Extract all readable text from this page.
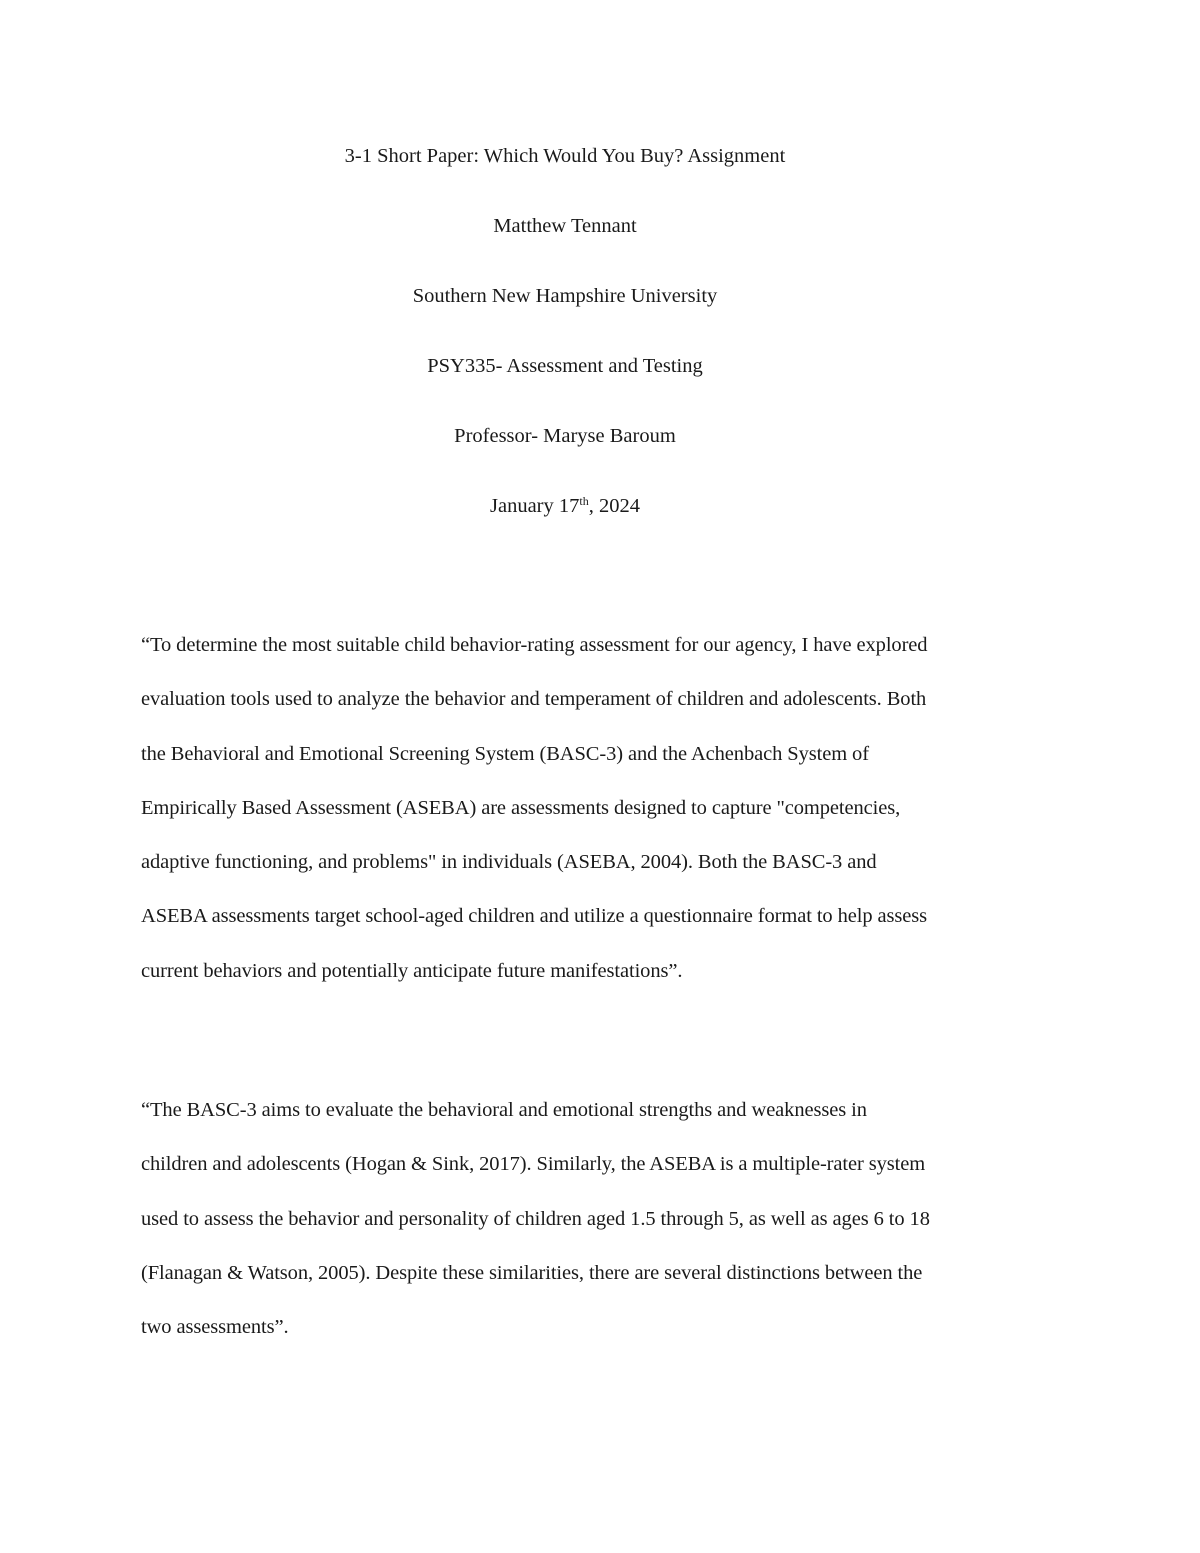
3-1 Short Paper: Which Would You Buy? Assignment
Matthew Tennant
Southern New Hampshire University
PSY335- Assessment and Testing
Professor- Maryse Baroum
January 17th, 2024
“To determine the most suitable child behavior-rating assessment for our agency, I have explored
evaluation tools used to analyze the behavior and temperament of children and adolescents. Both
the Behavioral and Emotional Screening System (BASC-3) and the Achenbach System of
Empirically Based Assessment (ASEBA) are assessments designed to capture "competencies,
adaptive functioning, and problems" in individuals (ASEBA, 2004). Both the BASC-3 and
ASEBA assessments target school-aged children and utilize a questionnaire format to help assess
current behaviors and potentially anticipate future manifestations”.
“The BASC-3 aims to evaluate the behavioral and emotional strengths and weaknesses in
children and adolescents (Hogan & Sink, 2017). Similarly, the ASEBA is a multiple-rater system
used to assess the behavior and personality of children aged 1.5 through 5, as well as ages 6 to 18
(Flanagan & Watson, 2005). Despite these similarities, there are several distinctions between the
two assessments”.
